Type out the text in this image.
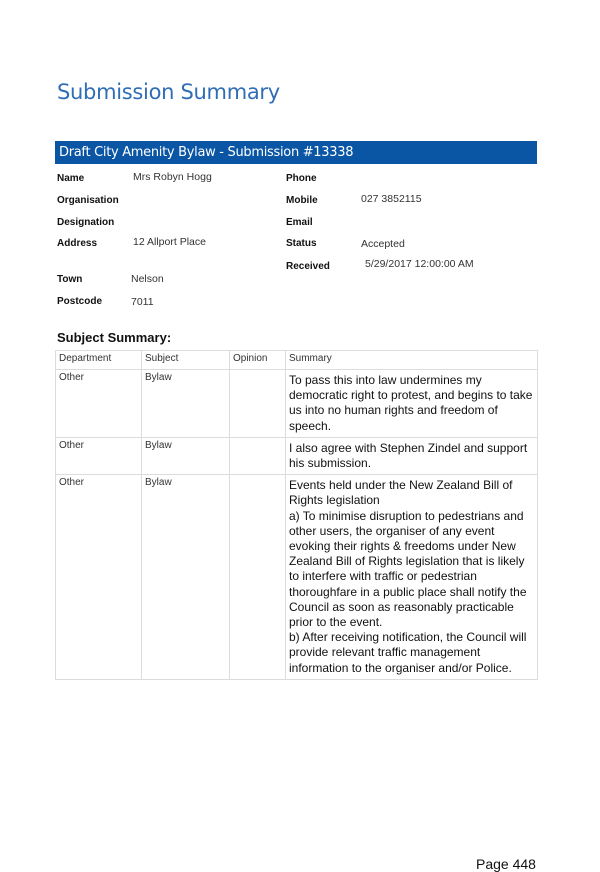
Submission Summary
Draft City Amenity Bylaw - Submission #13338
Name	Mrs Robyn Hogg
Organisation
Designation
Address	12 Allport Place
Town	Nelson
Postcode	7011
Phone
Mobile	027 3852115
Email
Status	Accepted
Received	5/29/2017 12:00:00 AM
Subject Summary:
Department	Subject	Opinion	Summary
Other	Bylaw		To pass this into law undermines my democratic right to protest, and begins to take us into no human rights and freedom of speech.

Other	Bylaw		I also agree with Stephen Zindel and support his submission.

Other	Bylaw		Events held under the New Zealand Bill of Rights legislation
a) To minimise disruption to pedestrians and other users, the organiser of any event evoking their rights & freedoms under New Zealand Bill of Rights legislation that is likely to interfere with traffic or pedestrian thoroughfare in a public place shall notify the Council as soon as reasonably practicable prior to the event.
b) After receiving notification, the Council will provide relevant traffic management information to the organiser and/or Police.
Page 448
